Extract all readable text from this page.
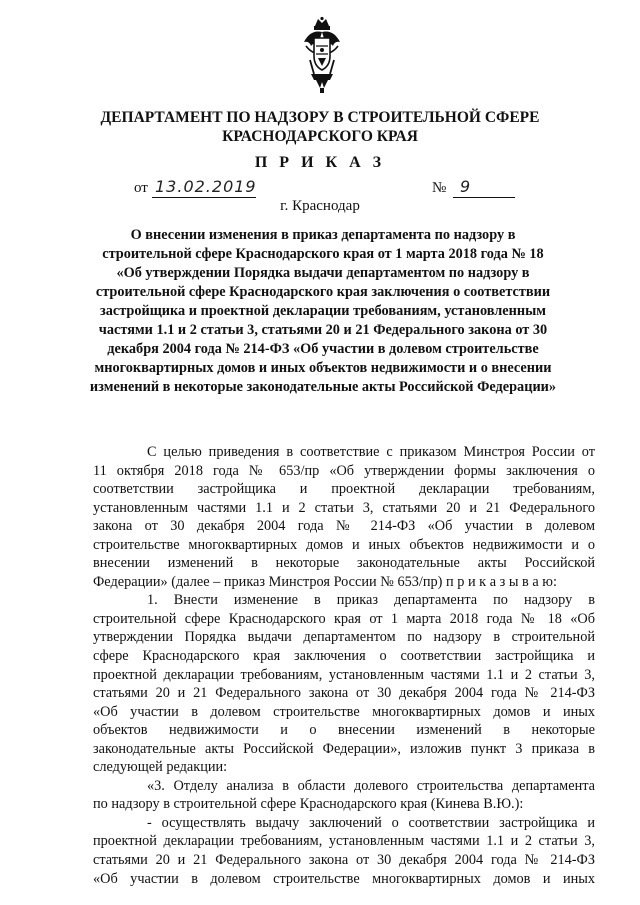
ДЕПАРТАМЕНТ ПО НАДЗОРУ В СТРОИТЕЛЬНОЙ СФЕРЕ
КРАСНОДАРСКОГО КРАЯ
П Р И К А З
от 13.02.2019	№ 9
г. Краснодар

О внесении изменения в приказ департамента по надзору в

строительной сфере Краснодарского края от 1 марта 2018 года № 18

«Об утверждении Порядка выдачи департаментом по надзору в

строительной сфере Краснодарского края заключения о соответствии

застройщика и проектной декларации требованиям, установленным

частями 1.1 и 2 статьи 3, статьями 20 и 21 Федерального закона от 30

декабря 2004 года № 214-ФЗ «Об участии в долевом строительстве

многоквартирных домов и иных объектов недвижимости и о внесении

изменений в некоторые законодательные акты Российской Федерации»

С целью приведения в соответствие с приказом Минстроя России от
11 октября 2018 года № 653/пр «Об утверждении формы заключения о
соответствии застройщика и проектной декларации требованиям,
установленным частями 1.1 и 2 статьи 3, статьями 20 и 21 Федерального
закона от 30 декабря 2004 года № 214-ФЗ «Об участии в долевом
строительстве многоквартирных домов и иных объектов недвижимости и о
внесении изменений в некоторые законодательные акты Российской
Федерации» (далее – приказ Минстроя России № 653/пр) п р и к а з ы в а ю:
1. Внести изменение в приказ департамента по надзору в
строительной сфере Краснодарского края от 1 марта 2018 года № 18 «Об
утверждении Порядка выдачи департаментом по надзору в строительной
сфере Краснодарского края заключения о соответствии застройщика и
проектной декларации требованиям, установленным частями 1.1 и 2 статьи 3,
статьями 20 и 21 Федерального закона от 30 декабря 2004 года № 214-ФЗ
«Об участии в долевом строительстве многоквартирных домов и иных
объектов недвижимости и о внесении изменений в некоторые
законодательные акты Российской Федерации», изложив пункт 3 приказа в
следующей редакции:
«3. Отделу анализа в области долевого строительства департамента
по надзору в строительной сфере Краснодарского края (Кинева В.Ю.):
- осуществлять выдачу заключений о соответствии застройщика и
проектной декларации требованиям, установленным частями 1.1 и 2 статьи 3,
статьями 20 и 21 Федерального закона от 30 декабря 2004 года № 214-ФЗ
«Об участии в долевом строительстве многоквартирных домов и иных
